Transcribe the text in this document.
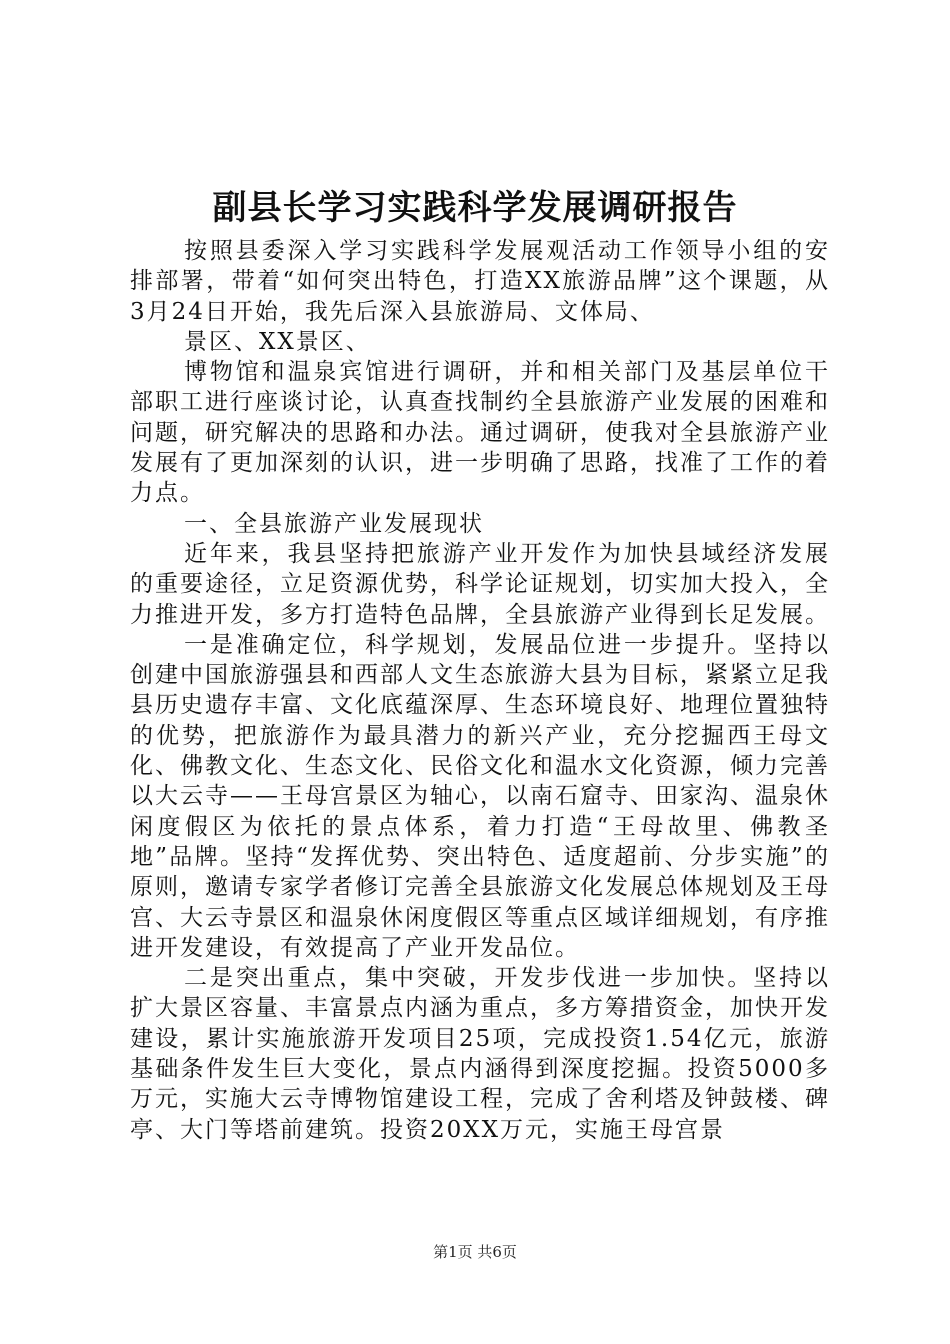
副县长学习实践科学发展调研报告

按照县委深入学习实践科学发展观活动工作领导小组的安排部署，带着“如何突出特色，打造XX旅游品牌”这个课题，从3月24日开始，我先后深入县旅游局、文体局、

景区、XX景区、

博物馆和温泉宾馆进行调研，并和相关部门及基层单位干部职工进行座谈讨论，认真查找制约全县旅游产业发展的困难和问题，研究解决的思路和办法。通过调研，使我对全县旅游产业发展有了更加深刻的认识，进一步明确了思路，找准了工作的着力点。

一、全县旅游产业发展现状

近年来，我县坚持把旅游产业开发作为加快县域经济发展的重要途径，立足资源优势，科学论证规划，切实加大投入，全力推进开发，多方打造特色品牌，全县旅游产业得到长足发展。

一是准确定位，科学规划，发展品位进一步提升。坚持以创建中国旅游强县和西部人文生态旅游大县为目标，紧紧立足我县历史遗存丰富、文化底蕴深厚、生态环境良好、地理位置独特的优势，把旅游作为最具潜力的新兴产业，充分挖掘西王母文化、佛教文化、生态文化、民俗文化和温水文化资源，倾力完善以大云寺——王母宫景区为轴心，以南石窟寺、田家沟、温泉休闲度假区为依托的景点体系，着力打造“王母故里、佛教圣地”品牌。坚持“发挥优势、突出特色、适度超前、分步实施”的原则，邀请专家学者修订完善全县旅游文化发展总体规划及王母宫、大云寺景区和温泉休闲度假区等重点区域详细规划，有序推进开发建设，有效提高了产业开发品位。

二是突出重点，集中突破，开发步伐进一步加快。坚持以扩大景区容量、丰富景点内涵为重点，多方筹措资金，加快开发建设，累计实施旅游开发项目25项，完成投资1.54亿元，旅游基础条件发生巨大变化，景点内涵得到深度挖掘。投资5000多万元，实施大云寺博物馆建设工程，完成了舍利塔及钟鼓楼、碑亭、大门等塔前建筑。投资20XX万元，实施王母宫景

第1页 共6页
